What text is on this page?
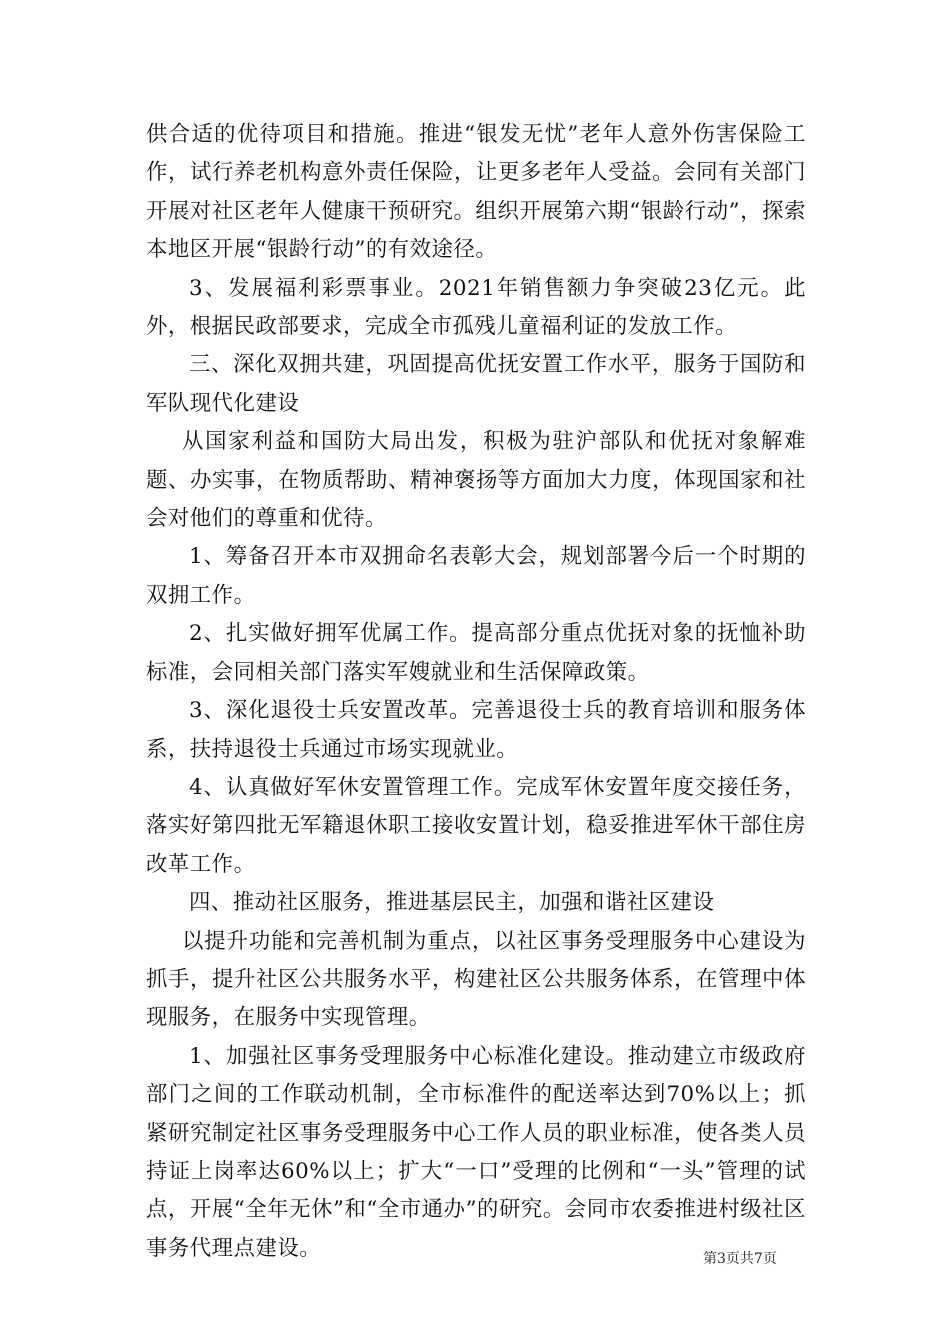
供合适的优待项目和措施。推进“银发无忧”老年人意外伤害保险工作，试行养老机构意外责任保险，让更多老年人受益。会同有关部门开展对社区老年人健康干预研究。组织开展第六期“银龄行动”，探索本地区开展“银龄行动”的有效途径。

3、发展福利彩票事业。2021年销售额力争突破23亿元。此外，根据民政部要求，完成全市孤残儿童福利证的发放工作。

三、深化双拥共建，巩固提高优抚安置工作水平，服务于国防和军队现代化建设

从国家利益和国防大局出发，积极为驻沪部队和优抚对象解难题、办实事，在物质帮助、精神褒扬等方面加大力度，体现国家和社会对他们的尊重和优待。

1、筹备召开本市双拥命名表彰大会，规划部署今后一个时期的双拥工作。

2、扎实做好拥军优属工作。提高部分重点优抚对象的抚恤补助标准，会同相关部门落实军嫂就业和生活保障政策。

3、深化退役士兵安置改革。完善退役士兵的教育培训和服务体系，扶持退役士兵通过市场实现就业。

4、认真做好军休安置管理工作。完成军休安置年度交接任务，落实好第四批无军籍退休职工接收安置计划，稳妥推进军休干部住房改革工作。

四、推动社区服务，推进基层民主，加强和谐社区建设

以提升功能和完善机制为重点，以社区事务受理服务中心建设为抓手，提升社区公共服务水平，构建社区公共服务体系，在管理中体现服务，在服务中实现管理。

1、加强社区事务受理服务中心标准化建设。推动建立市级政府部门之间的工作联动机制，全市标准件的配送率达到70%以上；抓紧研究制定社区事务受理服务中心工作人员的职业标准，使各类人员持证上岗率达60%以上；扩大“一口”受理的比例和“一头”管理的试点，开展“全年无休”和“全市通办”的研究。会同市农委推进村级社区事务代理点建设。	第3页共7页
